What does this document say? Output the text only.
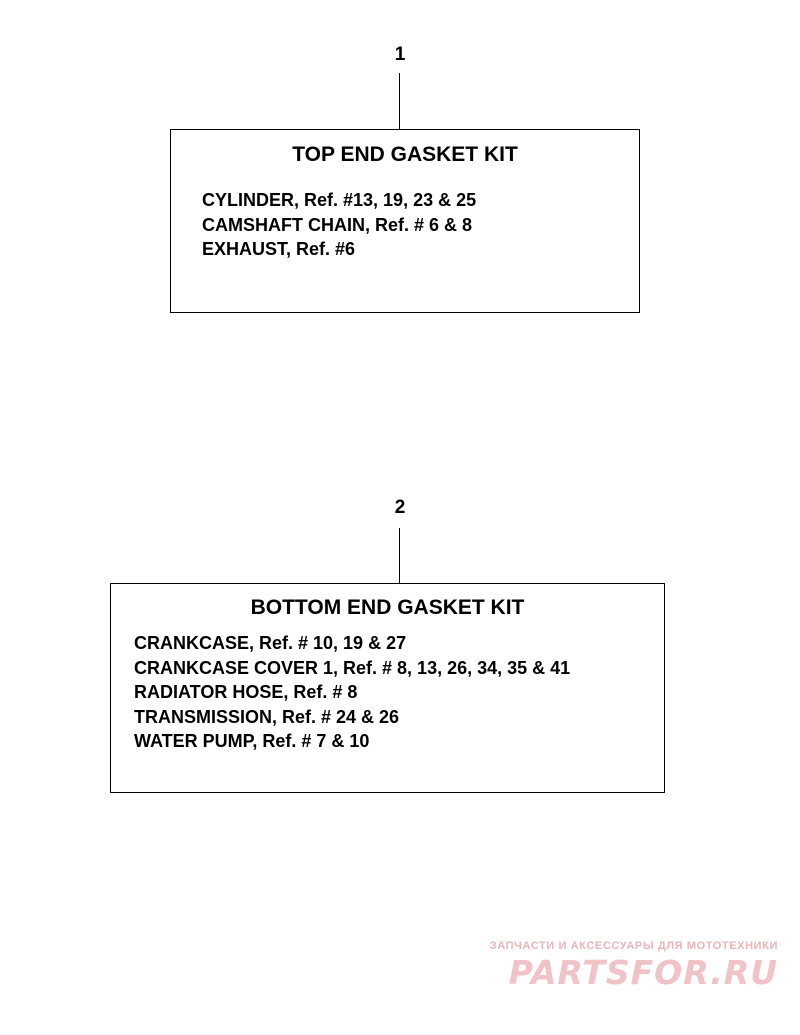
1
TOP END GASKET KIT
CYLINDER, Ref. #13, 19, 23 & 25
CAMSHAFT CHAIN, Ref. # 6 & 8
EXHAUST, Ref. #6
2
BOTTOM END GASKET KIT
CRANKCASE, Ref. # 10, 19 & 27
CRANKCASE COVER 1, Ref. # 8, 13, 26, 34, 35 & 41
RADIATOR HOSE, Ref. # 8
TRANSMISSION, Ref. # 24 & 26
WATER PUMP, Ref. # 7 & 10
ЗАПЧАСТИ И АКСЕССУАРЫ ДЛЯ МОТОТЕХНИКИ
PARTSFOR.RU
